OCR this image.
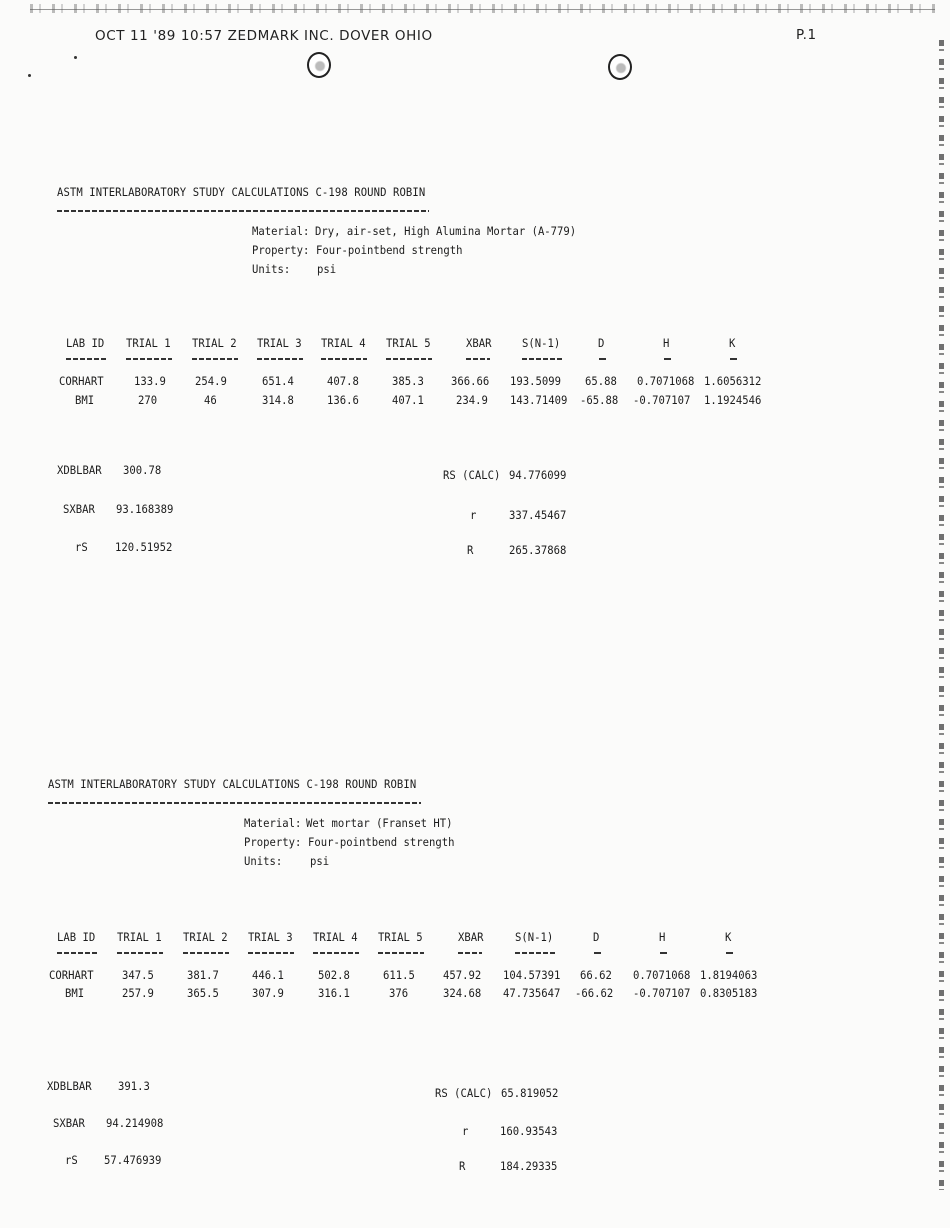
OCT 11 '89 10:57 ZEDMARK INC. DOVER OHIO	P.1
ASTM INTERLABORATORY STUDY CALCULATIONS C-198 ROUND ROBIN
Material: Dry, air-set, High Alumina Mortar (A-779)
Property: Four-pointbend strength
Units: psi
LAB ID TRIAL 1 TRIAL 2 TRIAL 3 TRIAL 4 TRIAL 5	XBAR	S(N-1)	D	H	K
CORHART	133.9	254.9	651.4	407.8	385.3 366.66 193.5099 65.88 0.7071068 1.6056312
BMI	270	46	314.8	136.6	407.1	234.9 143.71409 -65.88 -0.707107 1.1924546
XDBLBAR 300.78
SXBAR 93.168389
rS 120.51952
RS (CALC) 94.776099
r	337.45467
R	265.37868
ASTM INTERLABORATORY STUDY CALCULATIONS C-198 ROUND ROBIN
Material: Wet mortar (Franset HT)
Property: Four-pointbend strength
Units: psi
LAB ID TRIAL 1 TRIAL 2 TRIAL 3 TRIAL 4 TRIAL 5	XBAR	S(N-1)	D	H	K
CORHART 347.5	381.7	446.1	502.8	611.5 457.92 104.57391 66.62 0.7071068 1.8194063
BMI	257.9	365.5	307.9	316.1	376	324.68 47.735647 -66.62 -0.707107 0.8305183
XDBLBAR 391.3
SXBAR 94.214908
rS 57.476939
RS (CALC) 65.819052
r	160.93543
R	184.29335
